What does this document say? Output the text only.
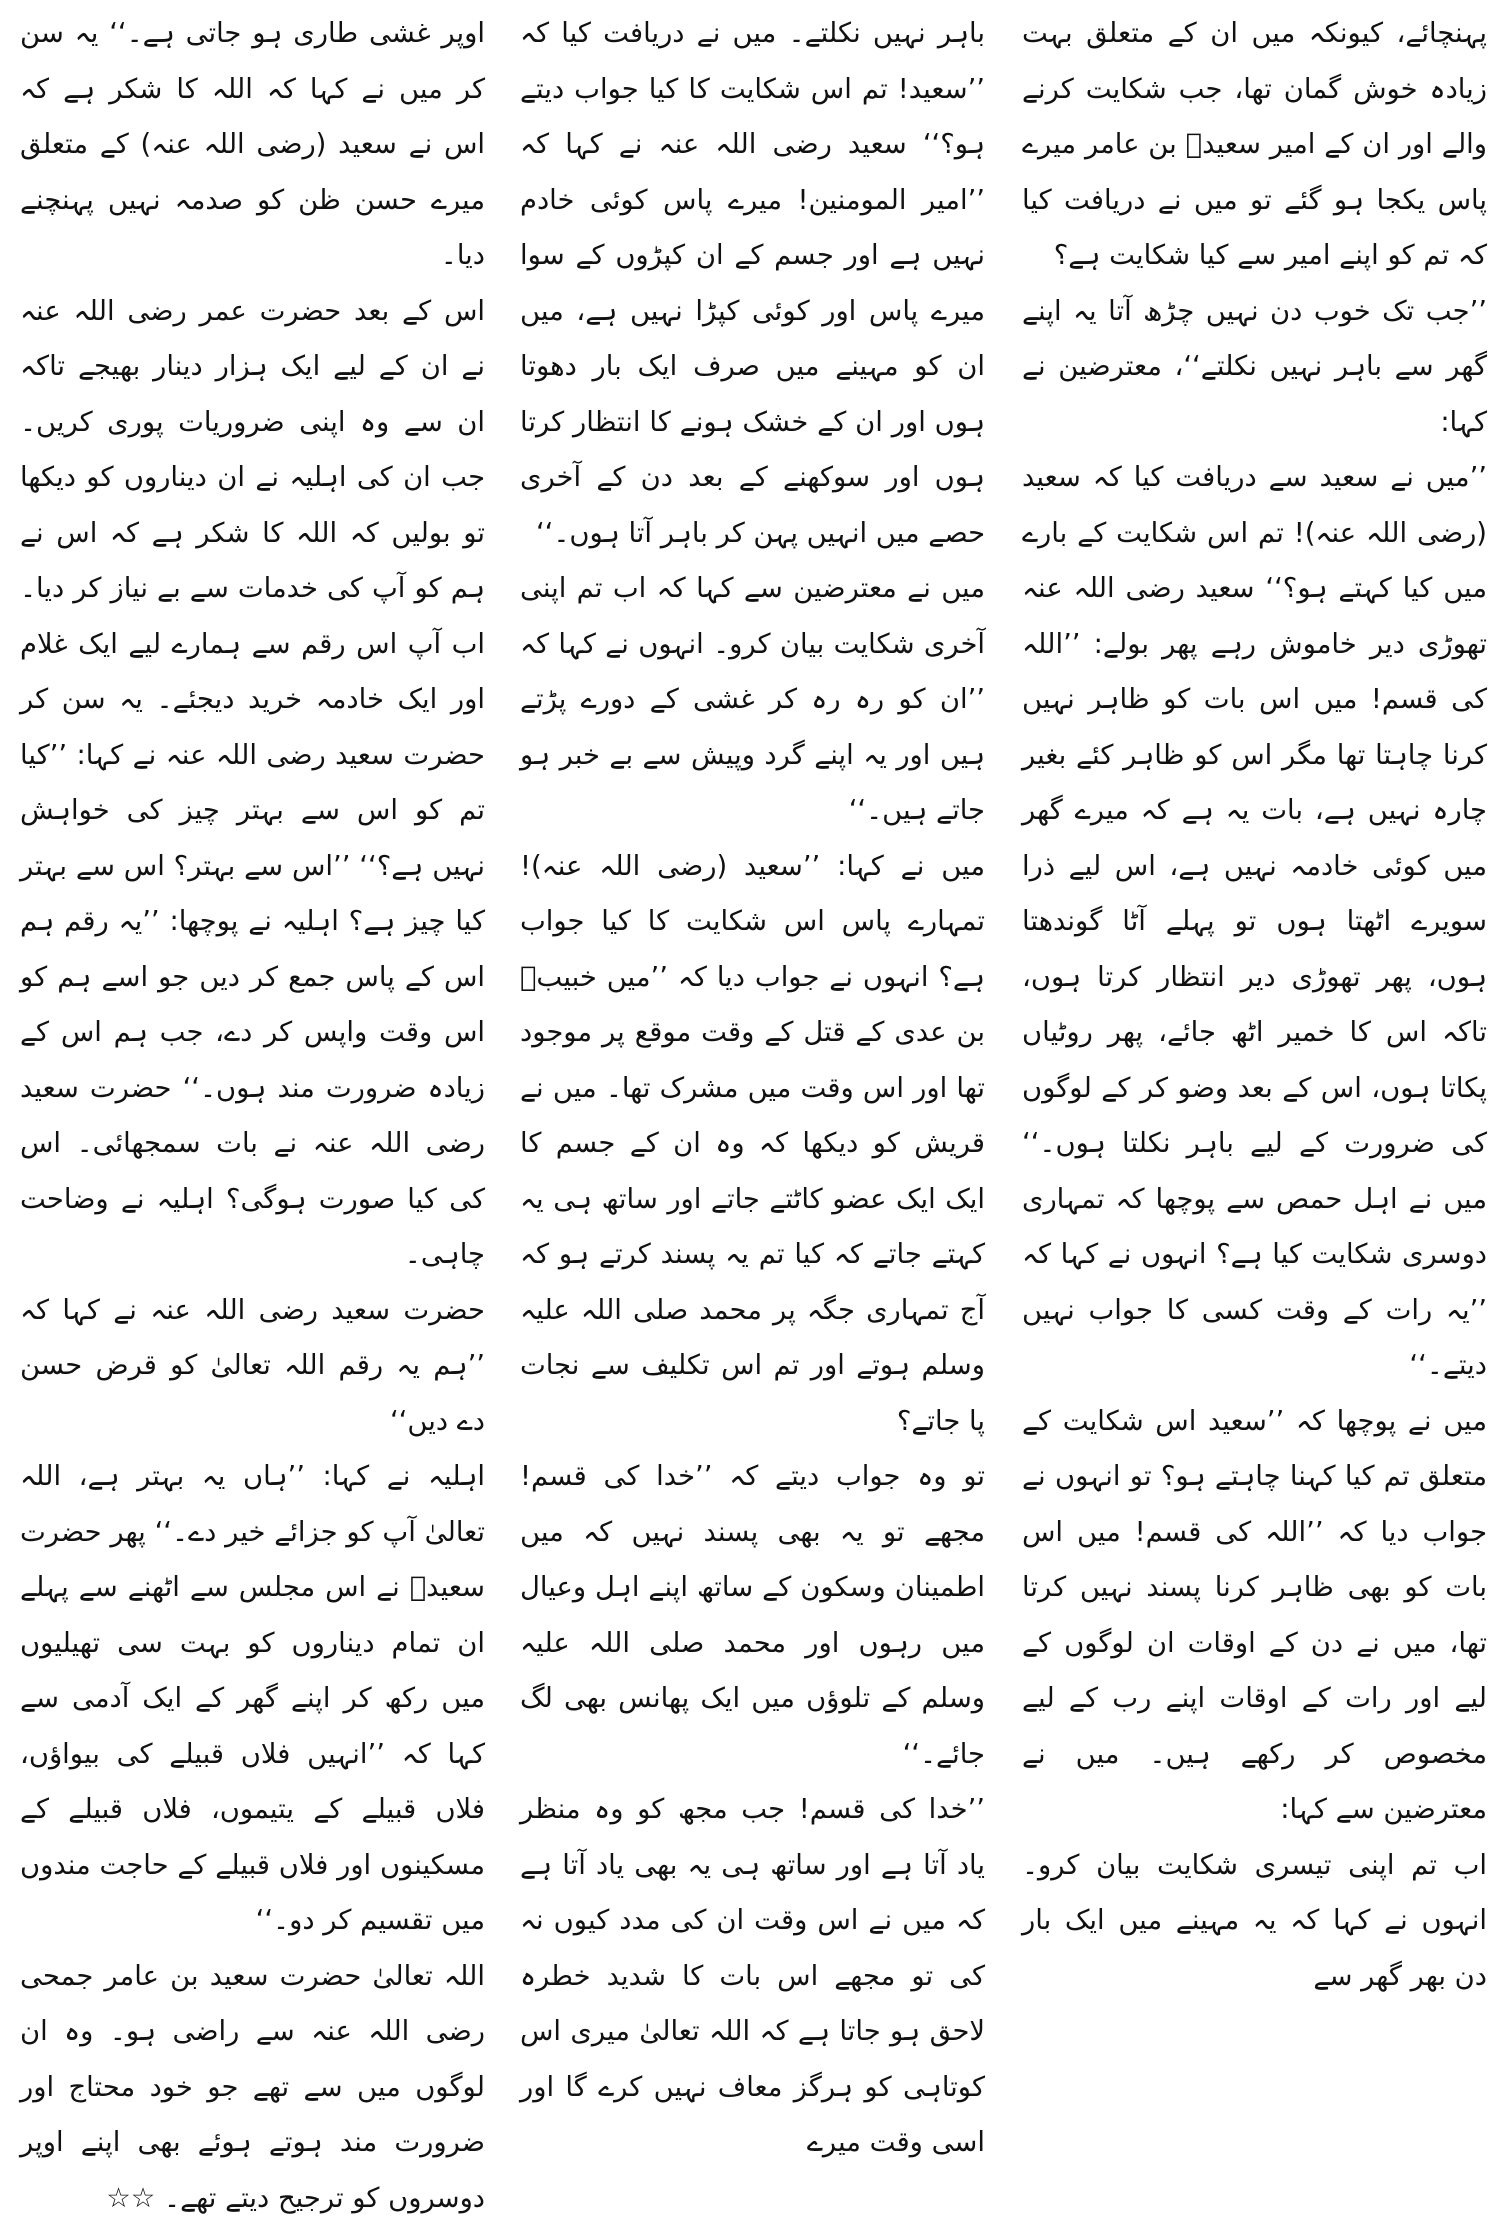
پہنچائے، کیونکہ میں ان کے متعلق بہت زیادہ خوش گمان تھا، جب شکایت کرنے والے اور ان کے امیر سعیدؓ بن عامر میرے پاس یکجا ہو گئے تو میں نے دریافت کیا کہ تم کو اپنے امیر سے کیا شکایت ہے؟

’’جب تک خوب دن نہیں چڑھ آتا یہ اپنے گھر سے باہر نہیں نکلتے‘‘، معترضین نے کہا:

’’میں نے سعید سے دریافت کیا کہ سعید (رضی اللہ عنہ)! تم اس شکایت کے بارے میں کیا کہتے ہو؟‘‘ سعید رضی اللہ عنہ تھوڑی دیر خاموش رہے پھر بولے: ’’اللہ کی قسم! میں اس بات کو ظاہر نہیں کرنا چاہتا تھا مگر اس کو ظاہر کئے بغیر چارہ نہیں ہے، بات یہ ہے کہ میرے گھر میں کوئی خادمہ نہیں ہے، اس لیے ذرا سویرے اٹھتا ہوں تو پہلے آٹا گوندھتا ہوں، پھر تھوڑی دیر انتظار کرتا ہوں، تاکہ اس کا خمیر اٹھ جائے، پھر روٹیاں پکاتا ہوں، اس کے بعد وضو کر کے لوگوں کی ضرورت کے لیے باہر نکلتا ہوں۔‘‘ میں نے اہل حمص سے پوچھا کہ تمہاری دوسری شکایت کیا ہے؟ انہوں نے کہا کہ ’’یہ رات کے وقت کسی کا جواب نہیں دیتے۔‘‘

میں نے پوچھا کہ ’’سعید اس شکایت کے متعلق تم کیا کہنا چاہتے ہو؟ تو انہوں نے جواب دیا کہ ’’اللہ کی قسم! میں اس بات کو بھی ظاہر کرنا پسند نہیں کرتا تھا، میں نے دن کے اوقات ان لوگوں کے لیے اور رات کے اوقات اپنے رب کے لیے مخصوص کر رکھے ہیں۔ میں نے معترضین سے کہا:

اب تم اپنی تیسری شکایت بیان کرو۔ انہوں نے کہا کہ یہ مہینے میں ایک بار دن بھر گھر سے

باہر نہیں نکلتے۔ میں نے دریافت کیا کہ ’’سعید! تم اس شکایت کا کیا جواب دیتے ہو؟‘‘ سعید رضی اللہ عنہ نے کہا کہ ’’امیر المومنین! میرے پاس کوئی خادم نہیں ہے اور جسم کے ان کپڑوں کے سوا میرے پاس اور کوئی کپڑا نہیں ہے، میں ان کو مہینے میں صرف ایک بار دھوتا ہوں اور ان کے خشک ہونے کا انتظار کرتا ہوں اور سوکھنے کے بعد دن کے آخری حصے میں انہیں پہن کر باہر آتا ہوں۔‘‘

میں نے معترضین سے کہا کہ اب تم اپنی آخری شکایت بیان کرو۔ انہوں نے کہا کہ ’’ان کو رہ رہ کر غشی کے دورے پڑتے ہیں اور یہ اپنے گرد وپیش سے بے خبر ہو جاتے ہیں۔‘‘

میں نے کہا: ’’سعید (رضی اللہ عنہ)! تمہارے پاس اس شکایت کا کیا جواب ہے؟ انہوں نے جواب دیا کہ ’’میں خبیبؓ بن عدی کے قتل کے وقت موقع پر موجود تھا اور اس وقت میں مشرک تھا۔ میں نے قریش کو دیکھا کہ وہ ان کے جسم کا ایک ایک عضو کاٹتے جاتے اور ساتھ ہی یہ کہتے جاتے کہ کیا تم یہ پسند کرتے ہو کہ آج تمہاری جگہ پر محمد صلی اللہ علیہ وسلم ہوتے اور تم اس تکلیف سے نجات پا جاتے؟

تو وہ جواب دیتے کہ ’’خدا کی قسم! مجھے تو یہ بھی پسند نہیں کہ میں اطمینان وسکون کے ساتھ اپنے اہل وعیال میں رہوں اور محمد صلی اللہ علیہ وسلم کے تلوؤں میں ایک پھانس بھی لگ جائے۔‘‘

’’خدا کی قسم! جب مجھ کو وہ منظر یاد آتا ہے اور ساتھ ہی یہ بھی یاد آتا ہے کہ میں نے اس وقت ان کی مدد کیوں نہ کی تو مجھے اس بات کا شدید خطرہ لاحق ہو جاتا ہے کہ اللہ تعالیٰ میری اس کوتاہی کو ہرگز معاف نہیں کرے گا اور اسی وقت میرے

اوپر غشی طاری ہو جاتی ہے۔‘‘ یہ سن کر میں نے کہا کہ اللہ کا شکر ہے کہ اس نے سعید (رضی اللہ عنہ) کے متعلق میرے حسن ظن کو صدمہ نہیں پہنچنے دیا۔

اس کے بعد حضرت عمر رضی اللہ عنہ نے ان کے لیے ایک ہزار دینار بھیجے تاکہ ان سے وہ اپنی ضروریات پوری کریں۔ جب ان کی اہلیہ نے ان دیناروں کو دیکھا تو بولیں کہ اللہ کا شکر ہے کہ اس نے ہم کو آپ کی خدمات سے بے نیاز کر دیا۔ اب آپ اس رقم سے ہمارے لیے ایک غلام اور ایک خادمہ خرید دیجئے۔ یہ سن کر حضرت سعید رضی اللہ عنہ نے کہا: ’’کیا تم کو اس سے بہتر چیز کی خواہش نہیں ہے؟‘‘ ’’اس سے بہتر؟ اس سے بہتر کیا چیز ہے؟ اہلیہ نے پوچھا: ’’یہ رقم ہم اس کے پاس جمع کر دیں جو اسے ہم کو اس وقت واپس کر دے، جب ہم اس کے زیادہ ضرورت مند ہوں۔‘‘ حضرت سعید رضی اللہ عنہ نے بات سمجھائی۔ اس کی کیا صورت ہوگی؟ اہلیہ نے وضاحت چاہی۔

حضرت سعید رضی اللہ عنہ نے کہا کہ ’’ہم یہ رقم اللہ تعالیٰ کو قرض حسن دے دیں‘‘

اہلیہ نے کہا: ’’ہاں یہ بہتر ہے، اللہ تعالیٰ آپ کو جزائے خیر دے۔‘‘ پھر حضرت سعیدؓ نے اس مجلس سے اٹھنے سے پہلے ان تمام دیناروں کو بہت سی تھیلیوں میں رکھ کر اپنے گھر کے ایک آدمی سے کہا کہ ’’انہیں فلاں قبیلے کی بیواؤں، فلاں قبیلے کے یتیموں، فلاں قبیلے کے مسکینوں اور فلاں قبیلے کے حاجت مندوں میں تقسیم کر دو۔‘‘

اللہ تعالیٰ حضرت سعید بن عامر جمحی رضی اللہ عنہ سے راضی ہو۔ وہ ان لوگوں میں سے تھے جو خود محتاج اور ضرورت مند ہوتے ہوئے بھی اپنے اوپر دوسروں کو ترجیح دیتے تھے۔ ☆☆
